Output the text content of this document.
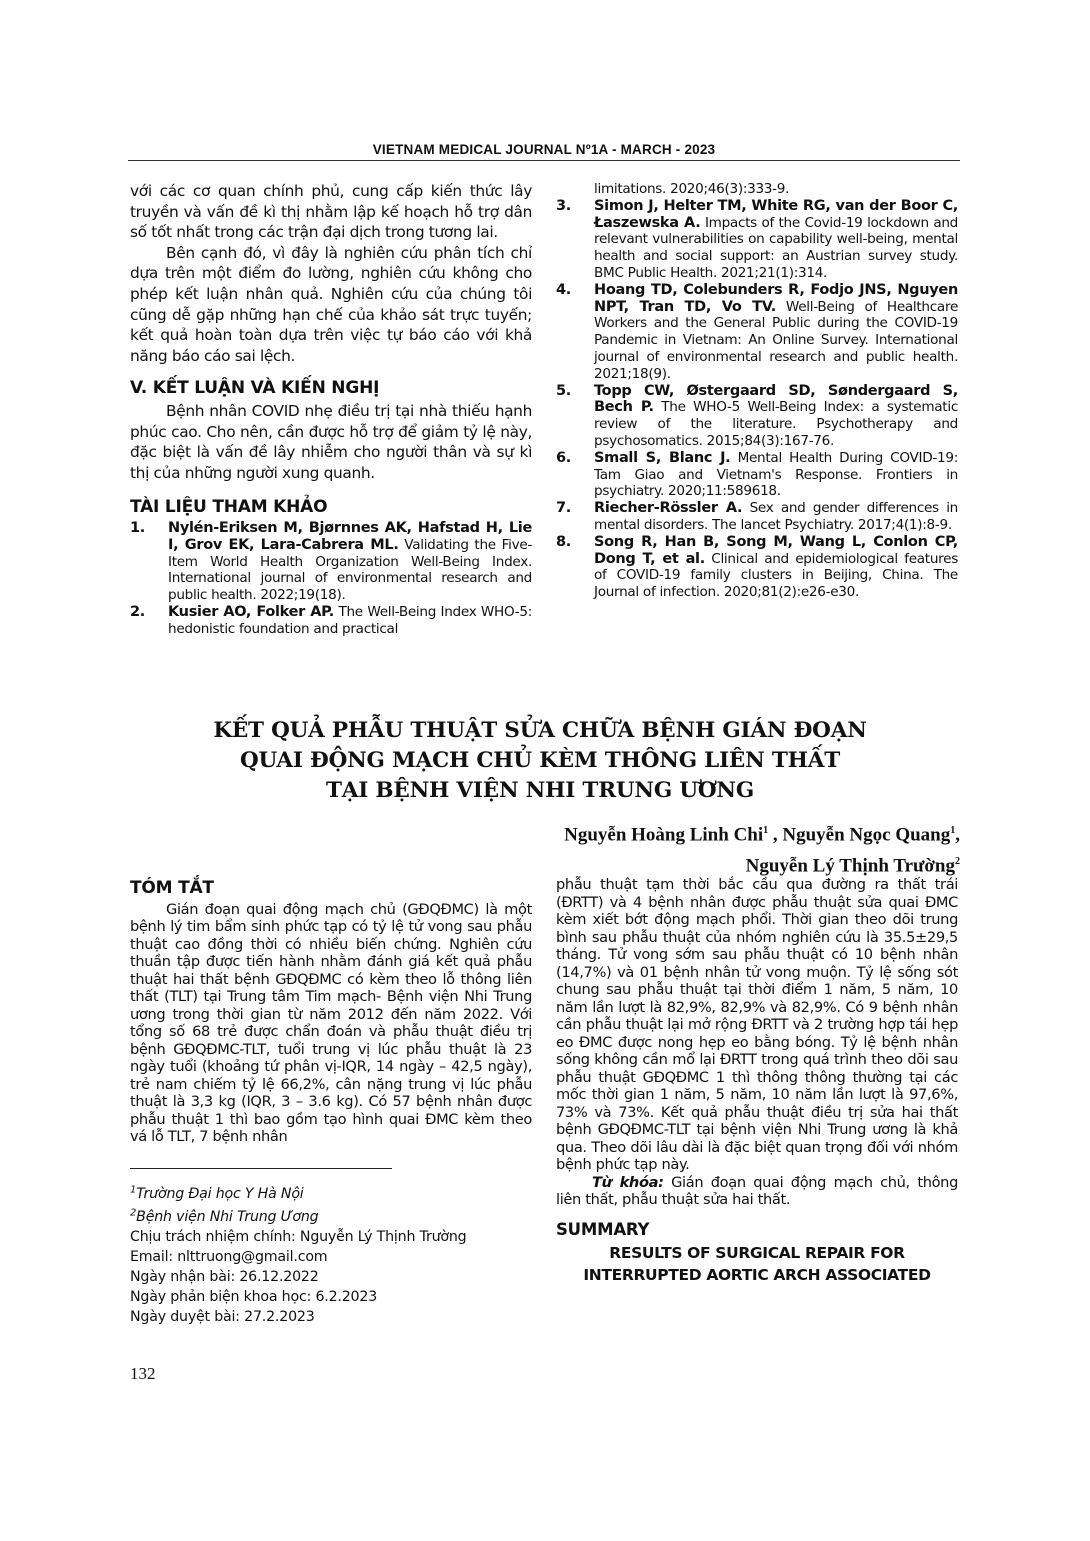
VIETNAM MEDICAL JOURNAL Nº1A - MARCH - 2023

với các cơ quan chính phủ, cung cấp kiến thức lây truyền và vấn đề kì thị nhằm lập kế hoạch hỗ trợ dân số tốt nhất trong các trận đại dịch trong tương lai.

Bên cạnh đó, vì đây là nghiên cứu phân tích chỉ dựa trên một điểm đo lường, nghiên cứu không cho phép kết luận nhân quả. Nghiên cứu của chúng tôi cũng dễ gặp những hạn chế của khảo sát trực tuyến; kết quả hoàn toàn dựa trên việc tự báo cáo với khả năng báo cáo sai lệch.

V. KẾT LUẬN VÀ KIẾN NGHỊ

Bệnh nhân COVID nhẹ điều trị tại nhà thiếu hạnh phúc cao. Cho nên, cần được hỗ trợ để giảm tỷ lệ này, đặc biệt là vấn đề lây nhiễm cho người thân và sự kì thị của những người xung quanh.

TÀI LIỆU THAM KHẢO
1.	Nylén-Eriksen M, Bjørnnes AK, Hafstad H, Lie I, Grov EK, Lara-Cabrera ML. Validating the Five-Item World Health Organization Well-Being Index. International journal of environmental research and public health. 2022;19(18).
2.	Kusier AO, Folker AP. The Well-Being Index WHO-5: hedonistic foundation and practical
limitations. 2020;46(3):333-9.
3.	Simon J, Helter TM, White RG, van der Boor C, Łaszewska A. Impacts of the Covid-19 lockdown and relevant vulnerabilities on capability well-being, mental health and social support: an Austrian survey study. BMC Public Health. 2021;21(1):314.
4.	Hoang TD, Colebunders R, Fodjo JNS, Nguyen NPT, Tran TD, Vo TV. Well-Being of Healthcare Workers and the General Public during the COVID-19 Pandemic in Vietnam: An Online Survey. International journal of environmental research and public health. 2021;18(9).
5.	Topp CW, Østergaard SD, Søndergaard S, Bech P. The WHO-5 Well-Being Index: a systematic review of the literature. Psychotherapy and psychosomatics. 2015;84(3):167-76.
6.	Small S, Blanc J. Mental Health During COVID-19: Tam Giao and Vietnam's Response. Frontiers in psychiatry. 2020;11:589618.
7.	Riecher-Rössler A. Sex and gender differences in mental disorders. The lancet Psychiatry. 2017;4(1):8-9.
8.	Song R, Han B, Song M, Wang L, Conlon CP, Dong T, et al. Clinical and epidemiological features of COVID-19 family clusters in Beijing, China. The Journal of infection. 2020;81(2):e26-e30.
KẾT QUẢ PHẪU THUẬT SỬA CHỮA BỆNH GIÁN ĐOẠN
QUAI ĐỘNG MẠCH CHỦ KÈM THÔNG LIÊN THẤT
TẠI BỆNH VIỆN NHI TRUNG ƯƠNG
Nguyễn Hoàng Linh Chi$^1$ , Nguyễn Ngọc Quang$^1$,
Nguyễn Lý Thịnh Trường$^2$
TÓM TẮT

Gián đoạn quai động mạch chủ (GĐQĐMC) là một bệnh lý tim bẩm sinh phức tạp có tỷ lệ tử vong sau phẫu thuật cao đồng thời có nhiều biến chứng. Nghiên cứu thuần tập được tiến hành nhằm đánh giá kết quả phẫu thuật hai thất bệnh GĐQĐMC có kèm theo lỗ thông liên thất (TLT) tại Trung tâm Tim mạch- Bệnh viện Nhi Trung ương trong thời gian từ năm 2012 đến năm 2022. Với tổng số 68 trẻ được chẩn đoán và phẫu thuật điều trị bệnh GĐQĐMC-TLT, tuổi trung vị lúc phẫu thuật là 23 ngày tuổi (khoảng tứ phân vị-IQR, 14 ngày – 42,5 ngày), trẻ nam chiếm tỷ lệ 66,2%, cân nặng trung vị lúc phẫu thuật là 3,3 kg (IQR, 3 – 3.6 kg). Có 57 bệnh nhân được phẫu thuật 1 thì bao gồm tạo hình quai ĐMC kèm theo vá lỗ TLT, 7 bệnh nhân

$^1$Trường Đại học Y Hà Nội
$^2$Bệnh viện Nhi Trung Ương
Chịu trách nhiệm chính: Nguyễn Lý Thịnh Trường
Email: nlttruong@gmail.com
Ngày nhận bài: 26.12.2022
Ngày phản biện khoa học: 6.2.2023
Ngày duyệt bài: 27.2.2023

phẫu thuật tạm thời bắc cầu qua đường ra thất trái (ĐRTT) và 4 bệnh nhân được phẫu thuật sửa quai ĐMC kèm xiết bớt động mạch phổi. Thời gian theo dõi trung bình sau phẫu thuật của nhóm nghiên cứu là 35.5±29,5 tháng. Tử vong sớm sau phẫu thuật có 10 bệnh nhân (14,7%) và 01 bệnh nhân tử vong muộn. Tỷ lệ sống sót chung sau phẫu thuật tại thời điểm 1 năm, 5 năm, 10 năm lần lượt là 82,9%, 82,9% và 82,9%. Có 9 bệnh nhân cần phẫu thuật lại mở rộng ĐRTT và 2 trường hợp tái hẹp eo ĐMC được nong hẹp eo bằng bóng. Tỷ lệ bệnh nhân sống không cần mổ lại ĐRTT trong quá trình theo dõi sau phẫu thuật GĐQĐMC 1 thì thông thông thường tại các mốc thời gian 1 năm, 5 năm, 10 năm lần lượt là 97,6%, 73% và 73%. Kết quả phẫu thuật điều trị sửa hai thất bệnh GĐQĐMC-TLT tại bệnh viện Nhi Trung ương là khả qua. Theo dõi lâu dài là đặc biệt quan trọng đối với nhóm bệnh phức tạp này.

Từ khóa: Gián đoạn quai động mạch chủ, thông liên thất, phẫu thuật sửa hai thất.

SUMMARY
RESULTS OF SURGICAL REPAIR FOR
INTERRUPTED AORTIC ARCH ASSOCIATED
132
